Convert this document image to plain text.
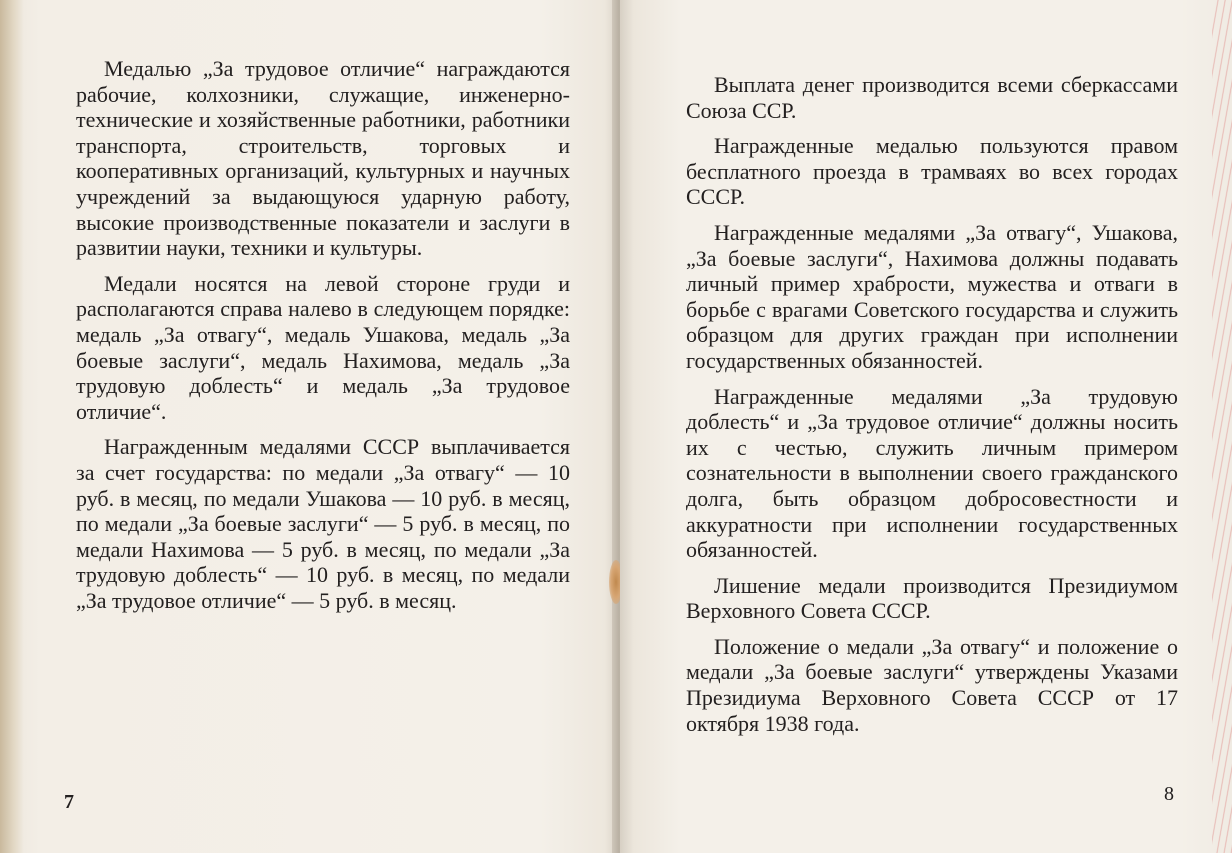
Медалью „За трудовое отличие“ награждаются рабочие, колхозники, служащие, инженерно-технические и хозяйственные работники, работники транспорта, строительств, торговых и кооперативных организаций, культурных и научных учреждений за выдающуюся ударную работу, высокие производственные показатели и заслуги в развитии науки, техники и культуры.

Медали носятся на левой стороне груди и располагаются справа налево в следующем порядке: медаль „За отвагу“, медаль Ушакова, медаль „За боевые заслуги“, медаль Нахимова, медаль „За трудовую доблесть“ и медаль „За трудовое отличие“.

Награжденным медалями СССР выплачивается за счет государства: по медали „За отвагу“ — 10 руб. в месяц, по медали Ушакова — 10 руб. в месяц, по медали „За боевые заслуги“ — 5 руб. в месяц, по медали Нахимова — 5 руб. в месяц, по медали „За трудовую доблесть“ — 10 руб. в месяц, по медали „За трудовое отличие“ — 5 руб. в месяц.

7

Выплата денег производится всеми сберкассами Союза ССР.

Награжденные медалью пользуются правом бесплатного проезда в трамваях во всех городах СССР.

Награжденные медалями „За отвагу“, Ушакова, „За боевые заслуги“, Нахимова должны подавать личный пример храбрости, мужества и отваги в борьбе с врагами Советского государства и служить образцом для других граждан при исполнении государственных обязанностей.

Награжденные медалями „За трудовую доблесть“ и „За трудовое отличие“ должны носить их с честью, служить личным примером сознательности в выполнении своего гражданского долга, быть образцом добросовестности и аккуратности при исполнении государственных обязанностей.

Лишение медали производится Президиумом Верховного Совета СССР.

Положение о медали „За отвагу“ и положение о медали „За боевые заслуги“ утверждены Указами Президиума Верховного Совета СССР от 17 октября 1938 года.

8
